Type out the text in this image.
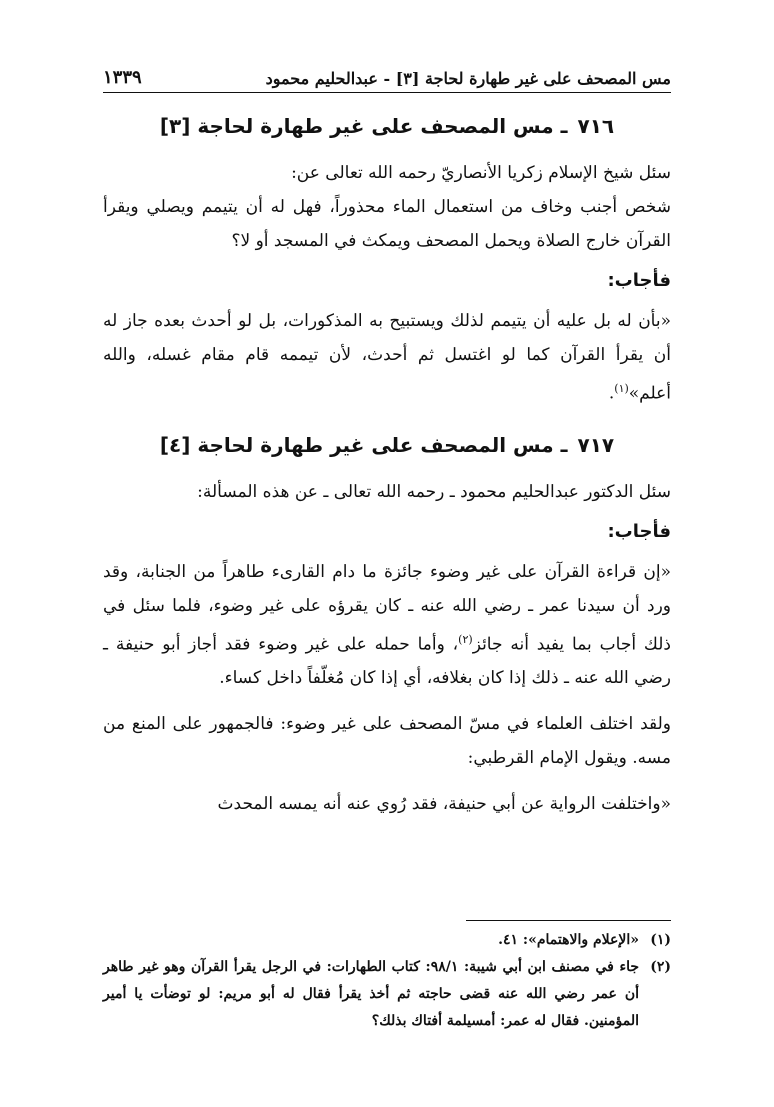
مس المصحف على غير طهارة لحاجة [٣] - عبدالحليم محمود
١٣٣٩
٧١٦ـ مس المصحف على غير طهارة لحاجة [٣]

سئل شيخ الإسلام زكريا الأنصاريّ رحمه الله تعالى عن:

شخص أجنب وخاف من استعمال الماء محذوراً، فهل له أن يتيمم ويصلي ويقرأ القرآن خارج الصلاة ويحمل المصحف ويمكث في المسجد أو لا؟

فأجاب:

«بأن له بل عليه أن يتيمم لذلك ويستبيح به المذكورات، بل لو أحدث بعده جاز له أن يقرأ القرآن كما لو اغتسل ثم أحدث، لأن تيممه قام مقام غسله، والله أعلم»$^{(١)}$.

٧١٧ـ مس المصحف على غير طهارة لحاجة [٤]

سئل الدكتور عبدالحليم محمود ـ رحمه الله تعالى ـ عن هذه المسألة:

فأجاب:

«إن قراءة القرآن على غير وضوء جائزة ما دام القارىء طاهراً من الجنابة، وقد ورد أن سيدنا عمر ـ رضي الله عنه ـ كان يقرؤه على غير وضوء، فلما سئل في ذلك أجاب بما يفيد أنه جائز$^{(٢)}$، وأما حمله على غير وضوء فقد أجاز أبو حنيفة ـ رضي الله عنه ـ ذلك إذا كان بغلافه، أي إذا كان مُغلّفاً داخل كساء.

ولقد اختلف العلماء في مسّ المصحف على غير وضوء: فالجمهور على المنع من مسه. ويقول الإمام القرطبي:

«واختلفت الرواية عن أبي حنيفة، فقد رُوي عنه أنه يمسه المحدث

(١)
«الإعلام والاهتمام»: ٤١.
(٢)
جاء في مصنف ابن أبي شيبة: ٩٨/١: كتاب الطهارات: في الرجل يقرأ القرآن وهو غير طاهر أن عمر رضي الله عنه قضى حاجته ثم أخذ يقرأ فقال له أبو مريم: لو توضأت يا أمير المؤمنين. فقال له عمر: أمسيلمة أفتاك بذلك؟
